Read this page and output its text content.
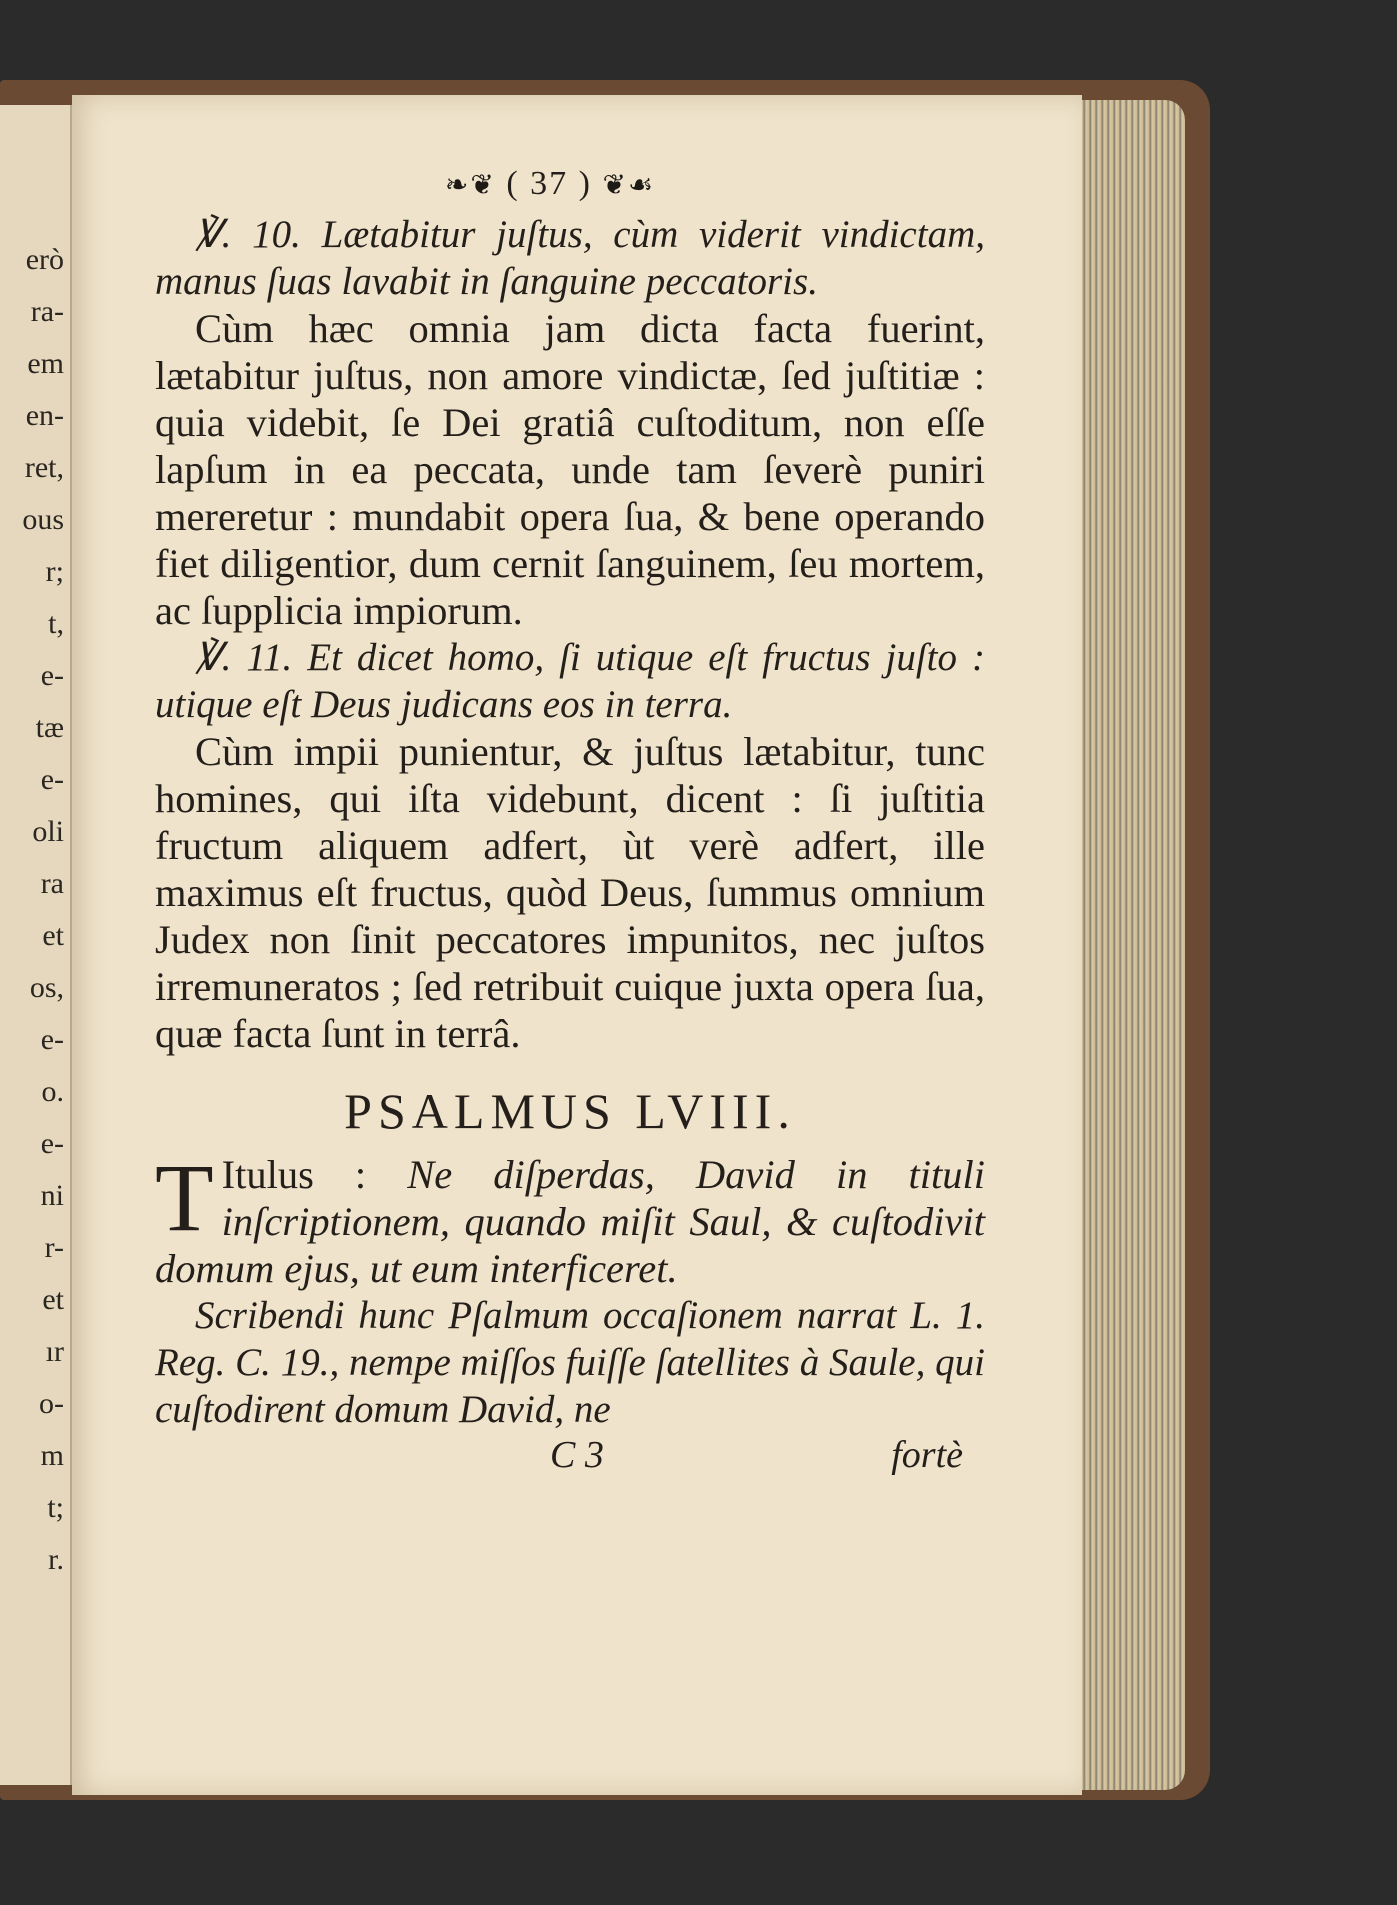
erò
ra-
em
en-
ret,
ous
r;
t,
e-
tæ
e-
oli
ra
et
os,
e-
o.
e-
ni
r-
et
ır
o-
m
t;
r.
❧❦ ( 37 ) ❦☙

℣. 10. Lætabitur juſtus, cùm viderit vindictam, manus ſuas lavabit in ſanguine peccatoris.

Cùm hæc omnia jam dicta facta fuerint, lætabitur juſtus, non amore vindictæ, ſed juſtitiæ : quia videbit, ſe Dei gratiâ cuſtoditum, non eſſe lapſum in ea peccata, unde tam ſeverè puniri mereretur : mundabit opera ſua, & bene operando fiet diligentior, dum cernit ſanguinem, ſeu mortem, ac ſupplicia impiorum.

℣. 11. Et dicet homo, ſi utique eſt fructus juſto : utique eſt Deus judicans eos in terra.

Cùm impii punientur, & juſtus lætabitur, tunc homines, qui iſta videbunt, dicent : ſi juſtitia fructum aliquem adfert, ùt verè adfert, ille maximus eſt fructus, quòd Deus, ſummus omnium Judex non ſinit peccatores impunitos, nec juſtos irremuneratos ; ſed retribuit cuique juxta opera ſua, quæ facta ſunt in terrâ.

PSALMUS LVIII.

T Itulus : Ne diſperdas, David in tituli inſcriptionem, quando miſit Saul, & cuſtodivit domum ejus, ut eum interficeret.

Scribendi hunc Pſalmum occaſionem narrat L. 1. Reg. C. 19., nempe miſſos fuiſſe ſatellites à Saule, qui cuſtodirent domum David, ne

C 3	fortè
